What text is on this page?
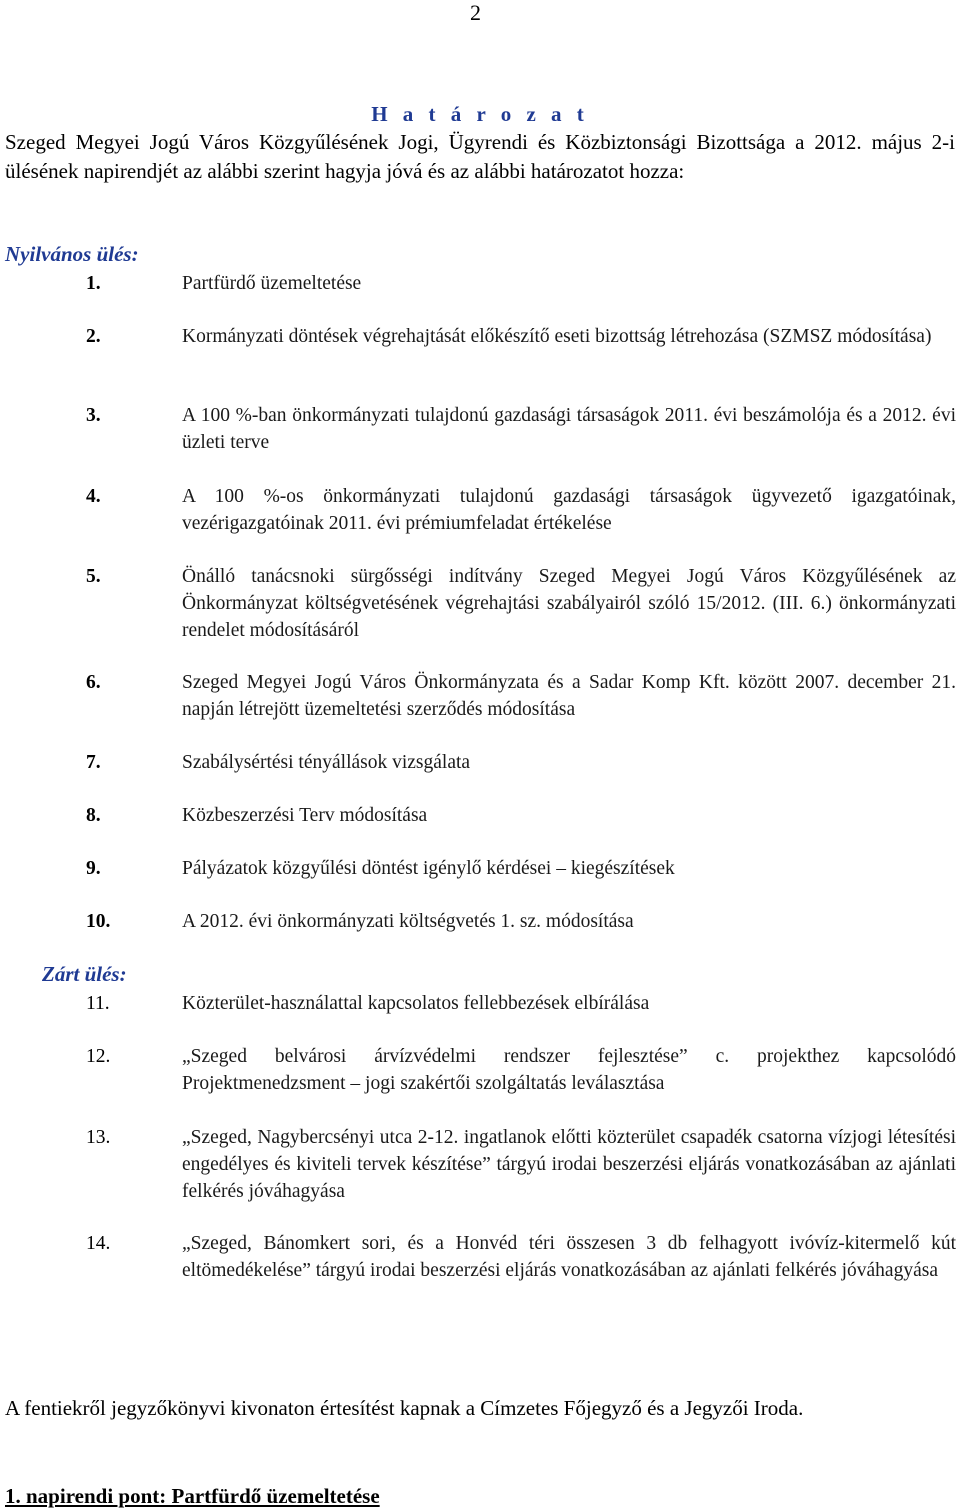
2
H a t á r o z a t
Szeged Megyei Jogú Város Közgyűlésének Jogi, Ügyrendi és Közbiztonsági Bizottsága a 2012. május 2-i ülésének napirendjét az alábbi szerint hagyja jóvá és az alábbi határozatot hozza:
Nyilvános ülés:
1.	Partfürdő üzemeltetése
2.	Kormányzati döntések végrehajtását előkészítő eseti bizottság létrehozása (SZMSZ módosítása)
3.	A 100 %-ban önkormányzati tulajdonú gazdasági társaságok 2011. évi beszámolója és a 2012. évi üzleti terve
4.	A 100 %-os önkormányzati tulajdonú gazdasági társaságok ügyvezető igazgatóinak, vezérigazgatóinak 2011. évi prémiumfeladat értékelése
5.	Önálló tanácsnoki sürgősségi indítvány Szeged Megyei Jogú Város Közgyűlésének az Önkormányzat költségvetésének végrehajtási szabályairól szóló 15/2012. (III. 6.) önkormányzati rendelet módosításáról
6.	Szeged Megyei Jogú Város Önkormányzata és a Sadar Komp Kft. között 2007. december 21. napján létrejött üzemeltetési szerződés módosítása
7.	Szabálysértési tényállások vizsgálata
8.	Közbeszerzési Terv módosítása
9.	Pályázatok közgyűlési döntést igénylő kérdései – kiegészítések
10.	A 2012. évi önkormányzati költségvetés 1. sz. módosítása
Zárt ülés:
11.	Közterület-használattal kapcsolatos fellebbezések elbírálása
12.	„Szeged belvárosi árvízvédelmi rendszer fejlesztése” c. projekthez kapcsolódó Projektmenedzsment – jogi szakértői szolgáltatás leválasztása
13.	„Szeged, Nagybercsényi utca 2-12. ingatlanok előtti közterület csapadék csatorna vízjogi létesítési engedélyes és kiviteli tervek készítése” tárgyú irodai beszerzési eljárás vonatkozásában az ajánlati felkérés jóváhagyása
14.	„Szeged, Bánomkert sori, és a Honvéd téri összesen 3 db felhagyott ivóvíz-kitermelő kút eltömedékelése” tárgyú irodai beszerzési eljárás vonatkozásában az ajánlati felkérés jóváhagyása
A fentiekről jegyzőkönyvi kivonaton értesítést kapnak a Címzetes Főjegyző és a Jegyzői Iroda.
1. napirendi pont: Partfürdő üzemeltetése
